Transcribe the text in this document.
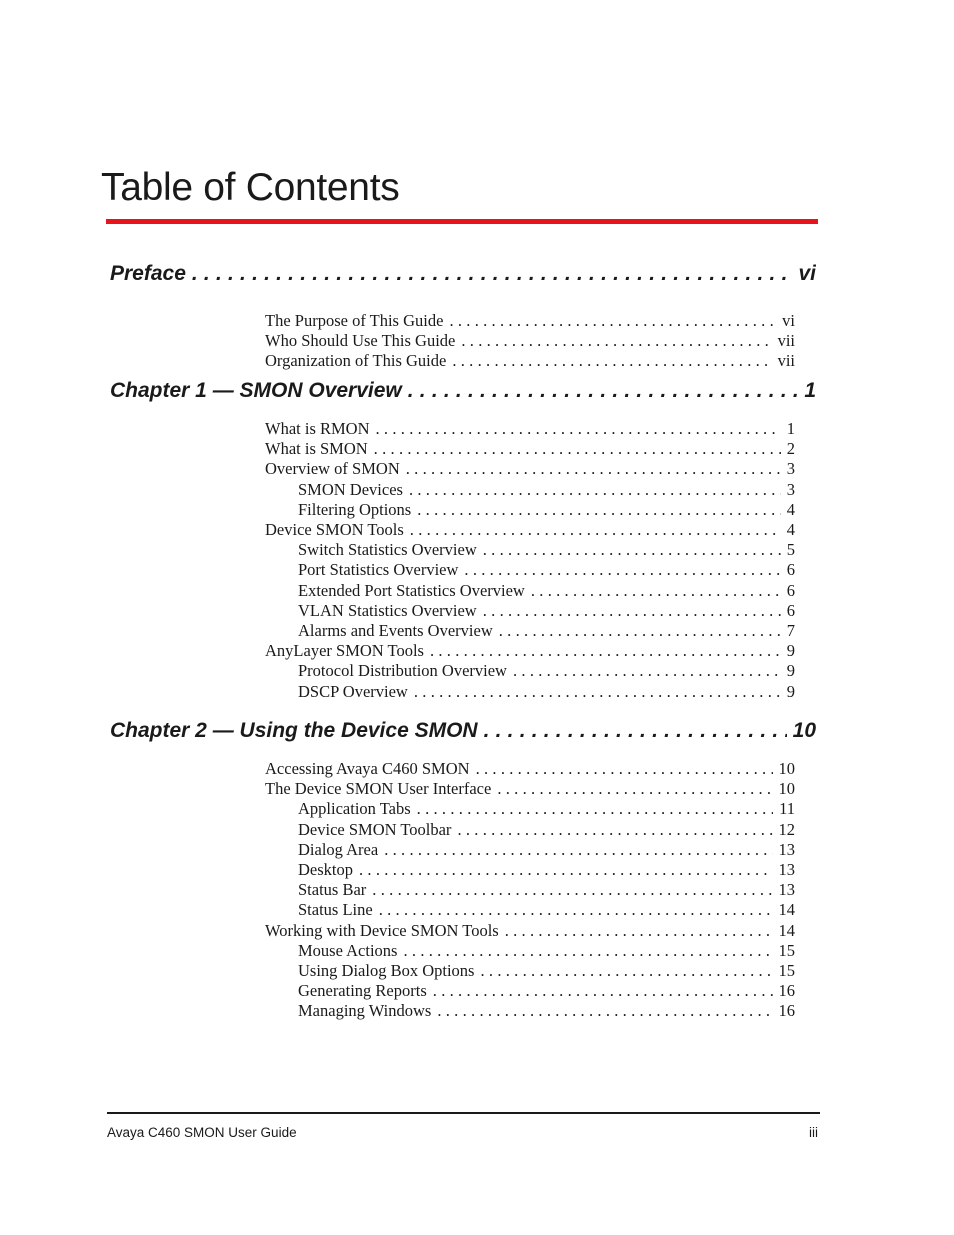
Table of Contents
Preface .....	vi
The Purpose of This Guide .....	vi
Who Should Use This Guide .....	vii
Organization of This Guide .....	vii
Chapter 1 — SMON Overview .....	1
What is RMON .....	1
What is SMON .....	2
Overview of SMON .....	3
SMON Devices .....	3
Filtering Options .....	4
Device SMON Tools .....	4
Switch Statistics Overview .....	5
Port Statistics Overview .....	6
Extended Port Statistics Overview .....	6
VLAN Statistics Overview .....	6
Alarms and Events Overview .....	7
AnyLayer SMON Tools .....	9
Protocol Distribution Overview .....	9
DSCP Overview .....	9
Chapter 2 — Using the Device SMON .....	10
Accessing Avaya C460 SMON .....	10
The Device SMON User Interface .....	10
Application Tabs .....	11
Device SMON Toolbar .....	12
Dialog Area .....	13
Desktop .....	13
Status Bar .....	13
Status Line .....	14
Working with Device SMON Tools .....	14
Mouse Actions .....	15
Using Dialog Box Options .....	15
Generating Reports .....	16
Managing Windows .....	16
Avaya C460 SMON User Guide	iii
